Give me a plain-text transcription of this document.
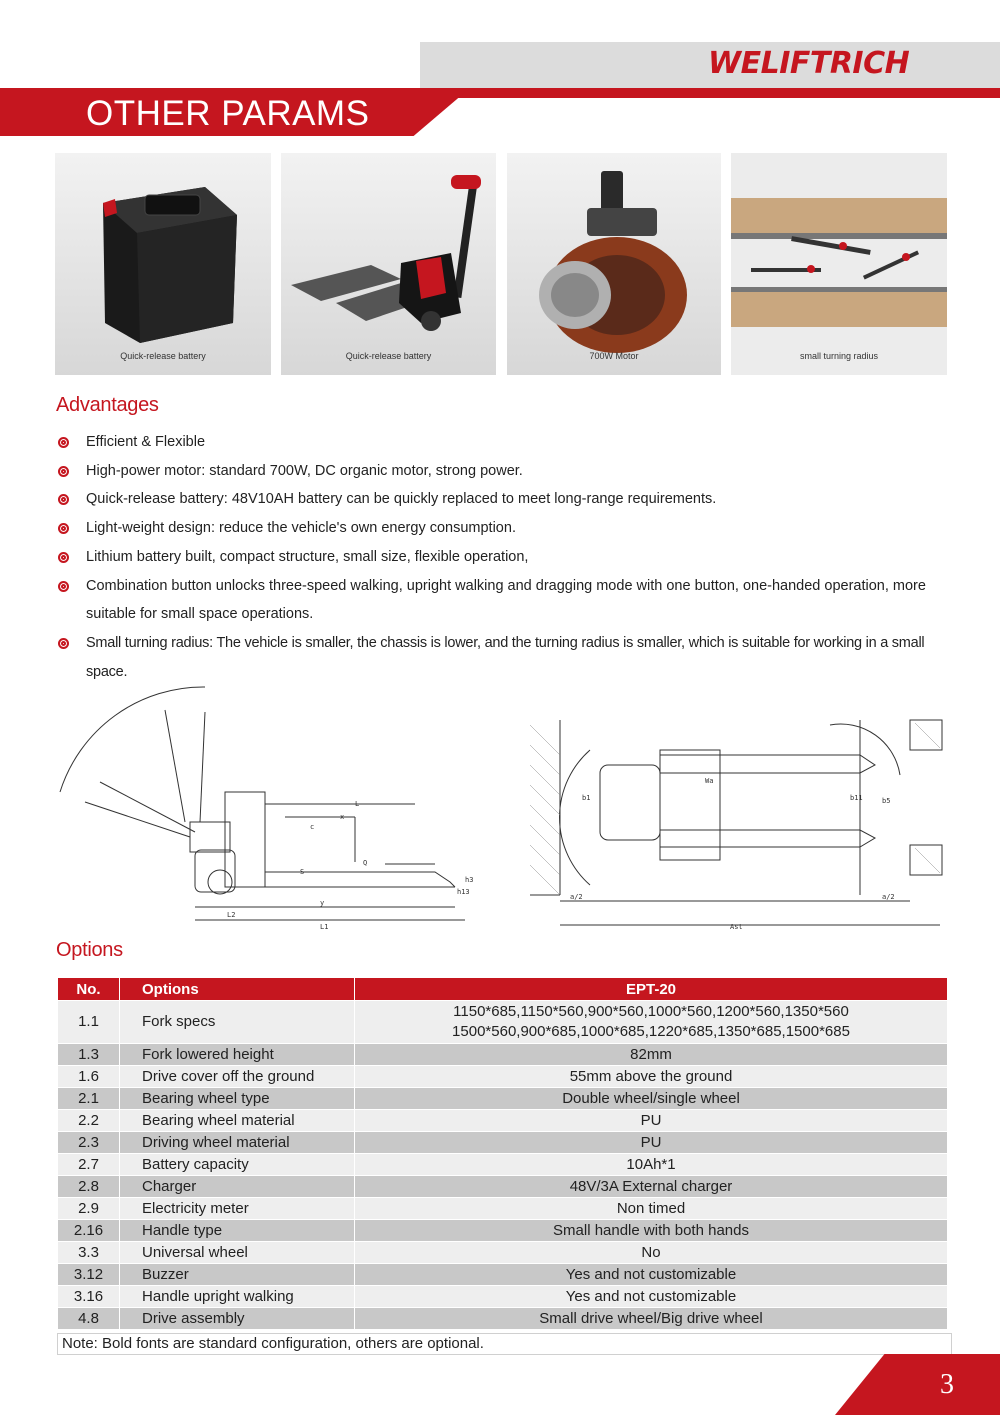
OTHER PARAMS
WELIFTRICH
Quick-release battery	Quick-release battery	700W Motor	small turning radius
Advantages
Efficient & Flexible
High-power motor: standard 700W, DC organic motor, strong power.
Quick-release battery: 48V10AH battery can be quickly replaced to meet long-range requirements.
Light-weight design: reduce the vehicle's own energy consumption.
Lithium battery built, compact structure, small size, flexible operation,
Combination button unlocks three-speed walking, upright walking and dragging mode with one button, one-handed operation, more suitable for small space operations.
Small turning radius: The vehicle is smaller, the chassis is lower, and the turning radius is smaller, which is suitable for working in a small space.
L
c
x
Q
S
h13
h3
y
L2
L1
b1
Wa
b11	b5
a/2	a/2
Ast
Options
No.	Options	EPT-20
1.1	Fork specs	1150*685,1150*560,900*560,1000*560,1200*560,1350*560
1500*560,900*685,1000*685,1220*685,1350*685,1500*685

1.3	Fork lowered height	82mm
1.6	Drive cover off the ground	55mm above the ground
2.1	Bearing wheel type	Double wheel/single wheel
2.2	Bearing wheel material	PU
2.3	Driving wheel material	PU
2.7	Battery capacity	10Ah*1
2.8	Charger	48V/3A External charger
2.9	Electricity meter	Non timed
2.16	Handle type	Small handle with both hands
3.3	Universal wheel	No
3.12	Buzzer	Yes and not customizable
3.16	Handle upright walking	Yes and not customizable
4.8	Drive assembly	Small drive wheel/Big drive wheel
Note: Bold fonts are standard configuration, others are optional.
3
